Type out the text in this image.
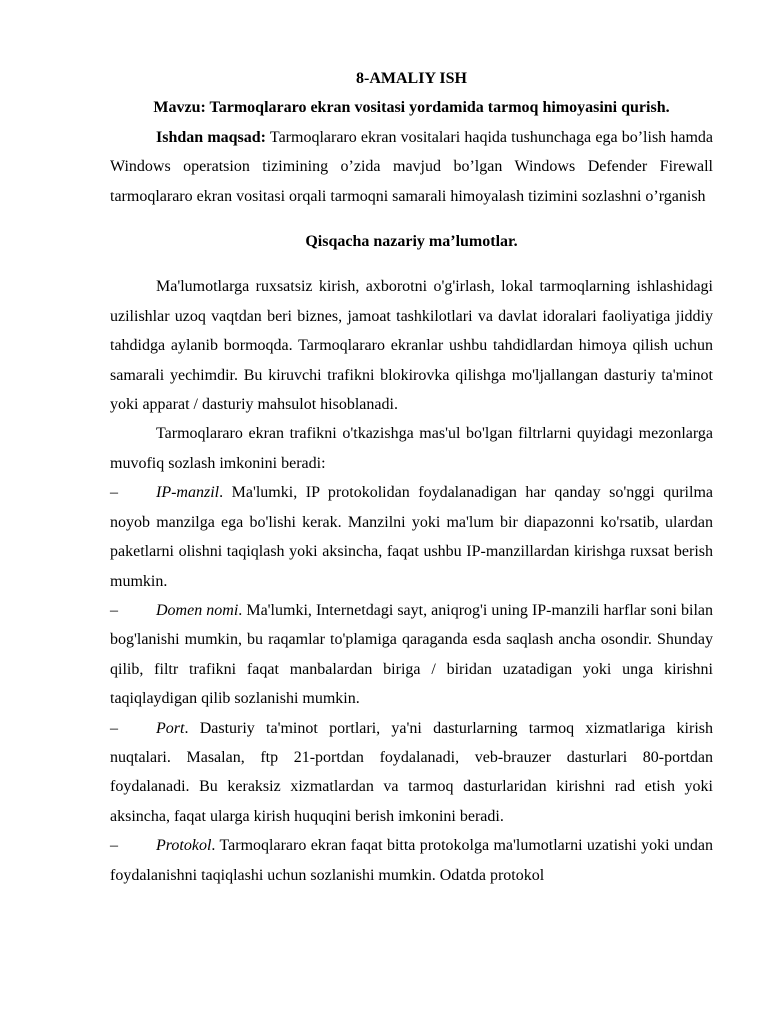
8-AMALIY ISH

Mavzu: Tarmoqlararo ekran vositasi yordamida tarmoq himoyasini qurish.

Ishdan maqsad: Tarmoqlararo ekran vositalari haqida tushunchaga ega bo’lish hamda Windows operatsion tizimining o’zida mavjud bo’lgan Windows Defender Firewall tarmoqlararo ekran vositasi orqali tarmoqni samarali himoyalash tizimini sozlashni o’rganish

Qisqacha nazariy ma’lumotlar.

Ma'lumotlarga ruxsatsiz kirish, axborotni o'g'irlash, lokal tarmoqlarning ishlashidagi uzilishlar uzoq vaqtdan beri biznes, jamoat tashkilotlari va davlat idoralari faoliyatiga jiddiy tahdidga aylanib bormoqda. Tarmoqlararo ekranlar ushbu tahdidlardan himoya qilish uchun samarali yechimdir. Bu kiruvchi trafikni blokirovka qilishga mo'ljallangan dasturiy ta'minot yoki apparat / dasturiy mahsulot hisoblanadi.

Tarmoqlararo ekran trafikni o'tkazishga mas'ul bo'lgan filtrlarni quyidagi mezonlarga muvofiq sozlash imkonini beradi:

– IP-manzil. Ma'lumki, IP protokolidan foydalanadigan har qanday so'nggi qurilma noyob manzilga ega bo'lishi kerak. Manzilni yoki ma'lum bir diapazonni ko'rsatib, ulardan paketlarni olishni taqiqlash yoki aksincha, faqat ushbu IP-manzillardan kirishga ruxsat berish mumkin.

– Domen nomi. Ma'lumki, Internetdagi sayt, aniqrog'i uning IP-manzili harflar soni bilan bog'lanishi mumkin, bu raqamlar to'plamiga qaraganda esda saqlash ancha osondir. Shunday qilib, filtr trafikni faqat manbalardan biriga / biridan uzatadigan yoki unga kirishni taqiqlaydigan qilib sozlanishi mumkin.

– Port. Dasturiy ta'minot portlari, ya'ni dasturlarning tarmoq xizmatlariga kirish nuqtalari. Masalan, ftp 21-portdan foydalanadi, veb-brauzer dasturlari 80-portdan foydalanadi. Bu keraksiz xizmatlardan va tarmoq dasturlaridan kirishni rad etish yoki aksincha, faqat ularga kirish huquqini berish imkonini beradi.

– Protokol. Tarmoqlararo ekran faqat bitta protokolga ma'lumotlarni uzatishi yoki undan foydalanishni taqiqlashi uchun sozlanishi mumkin. Odatda protokol
